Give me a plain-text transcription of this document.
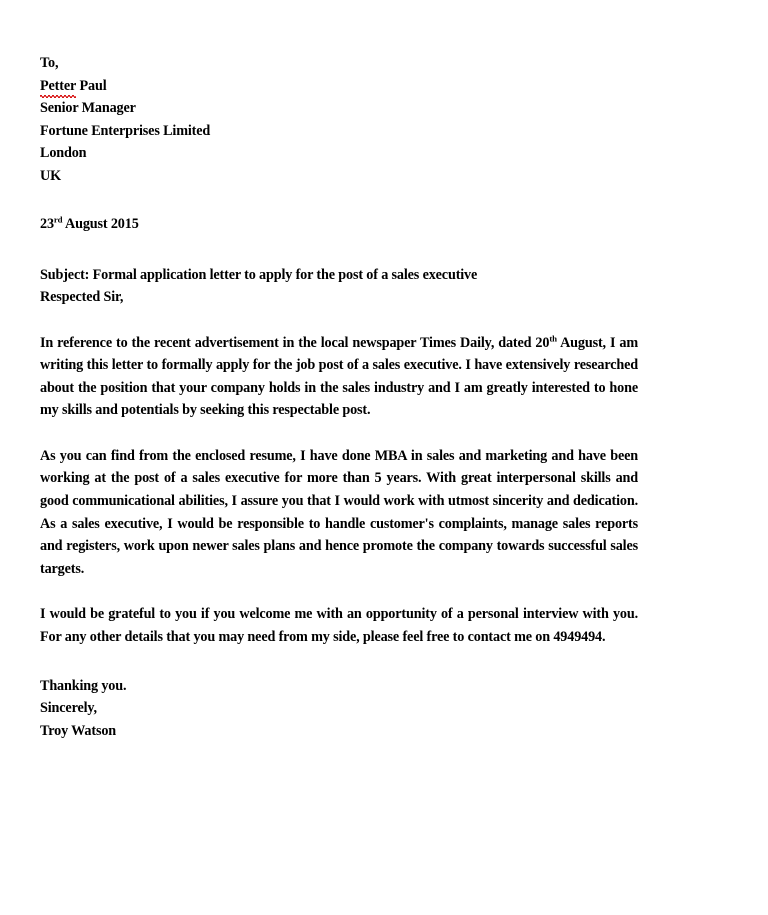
To,
Petter Paul
Senior Manager
Fortune Enterprises Limited
London
UK
23rd August 2015
Subject: Formal application letter to apply for the post of a sales executive
Respected Sir,
In reference to the recent advertisement in the local newspaper Times Daily, dated 20th August, I am writing this letter to formally apply for the job post of a sales executive. I have extensively researched about the position that your company holds in the sales industry and I am greatly interested to hone my skills and potentials by seeking this respectable post.
As you can find from the enclosed resume, I have done MBA in sales and marketing and have been working at the post of a sales executive for more than 5 years. With great interpersonal skills and good communicational abilities, I assure you that I would work with utmost sincerity and dedication. As a sales executive, I would be responsible to handle customer's complaints, manage sales reports and registers, work upon newer sales plans and hence promote the company towards successful sales targets.
I would be grateful to you if you welcome me with an opportunity of a personal interview with you. For any other details that you may need from my side, please feel free to contact me on 4949494.
Thanking you.
Sincerely,
Troy Watson
